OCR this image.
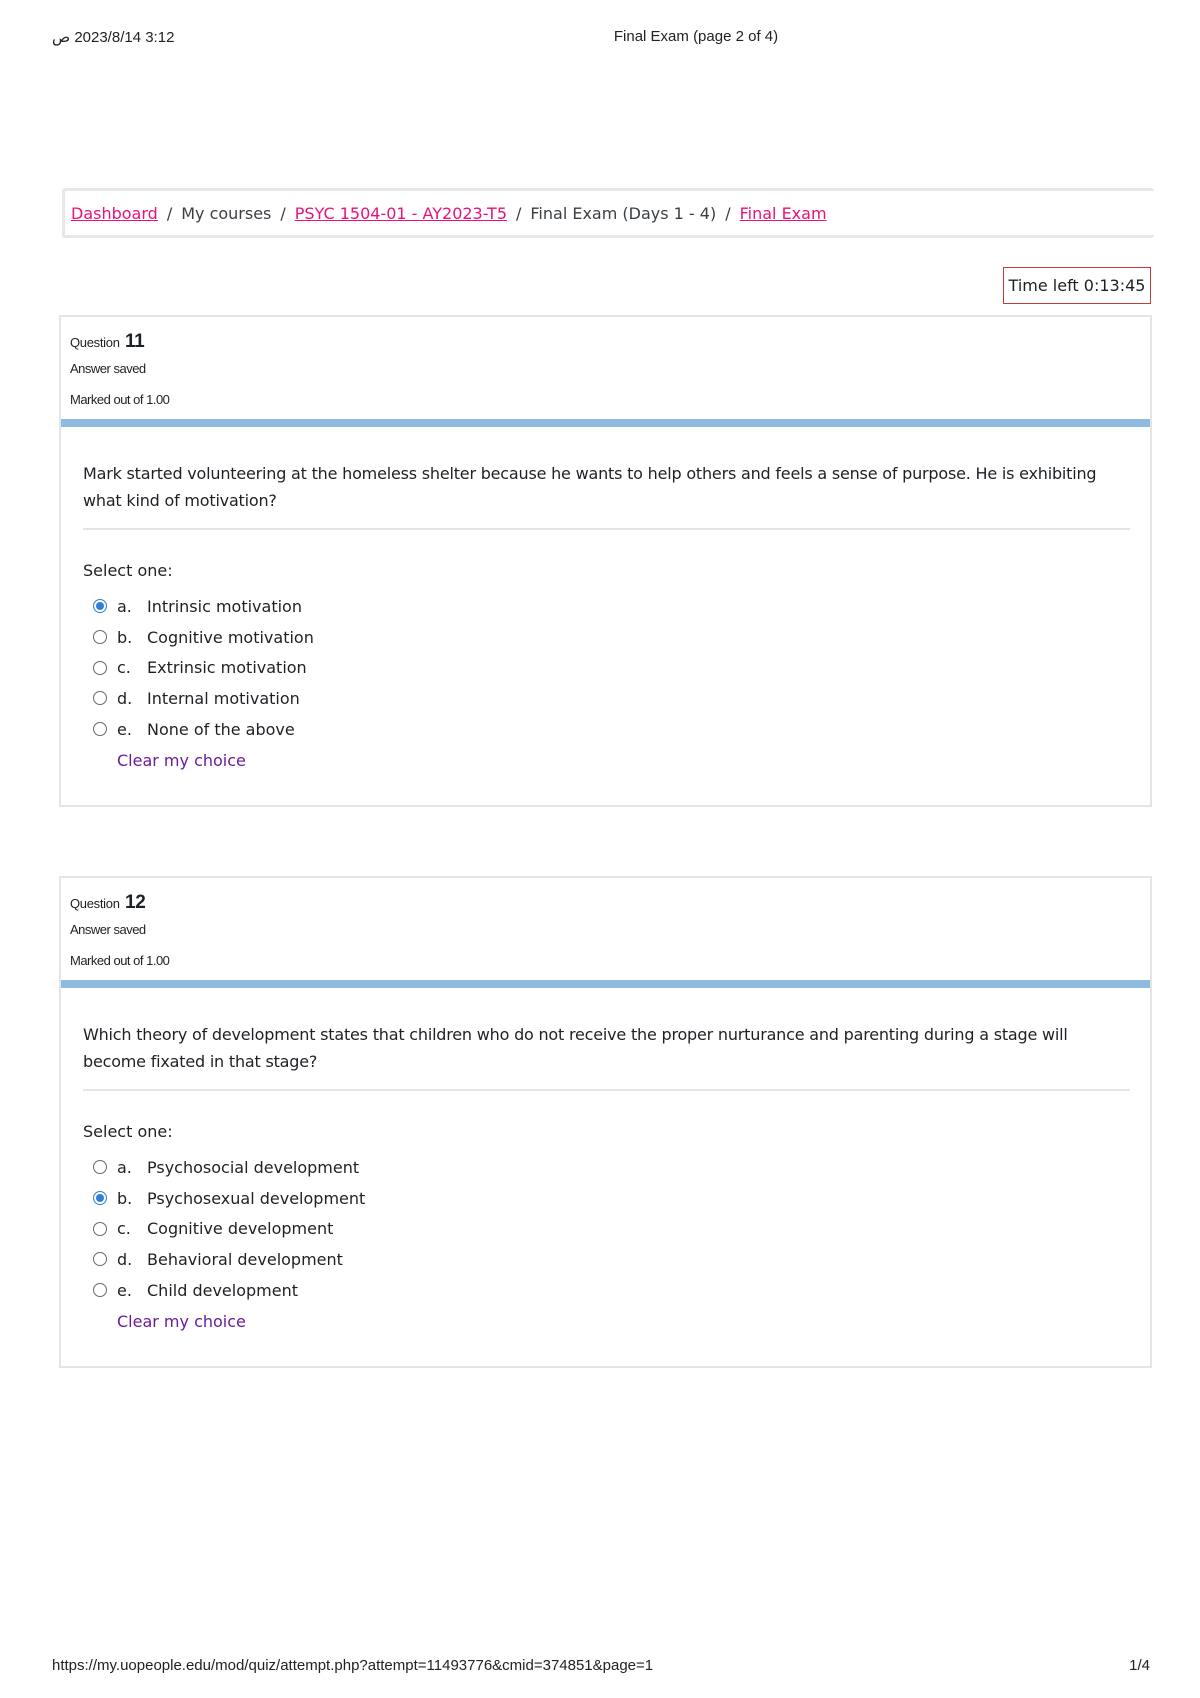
3:12 2023/8/14 ص	Final Exam (page 2 of 4)
Dashboard / My courses / PSYC 1504-01 - AY2023-T5 / Final Exam (Days 1 - 4) / Final Exam
Time left 0:13:45
Question 11
Answer saved
Marked out of 1.00
Mark started volunteering at the homeless shelter because he wants to help others and feels a sense of purpose. He is exhibiting what kind of motivation?
Select one:
a. Intrinsic motivation
b. Cognitive motivation
c.	Extrinsic motivation
d. Internal motivation
e. None of the above
Clear my choice
Question 12
Answer saved
Marked out of 1.00
Which theory of development states that children who do not receive the proper nurturance and parenting during a stage will become fixated in that stage?
Select one:
a. Psychosocial development
b. Psychosexual development
c.	Cognitive development
d. Behavioral development
e. Child development
Clear my choice
https://my.uopeople.edu/mod/quiz/attempt.php?attempt=11493776&cmid=374851&page=1	1/4
